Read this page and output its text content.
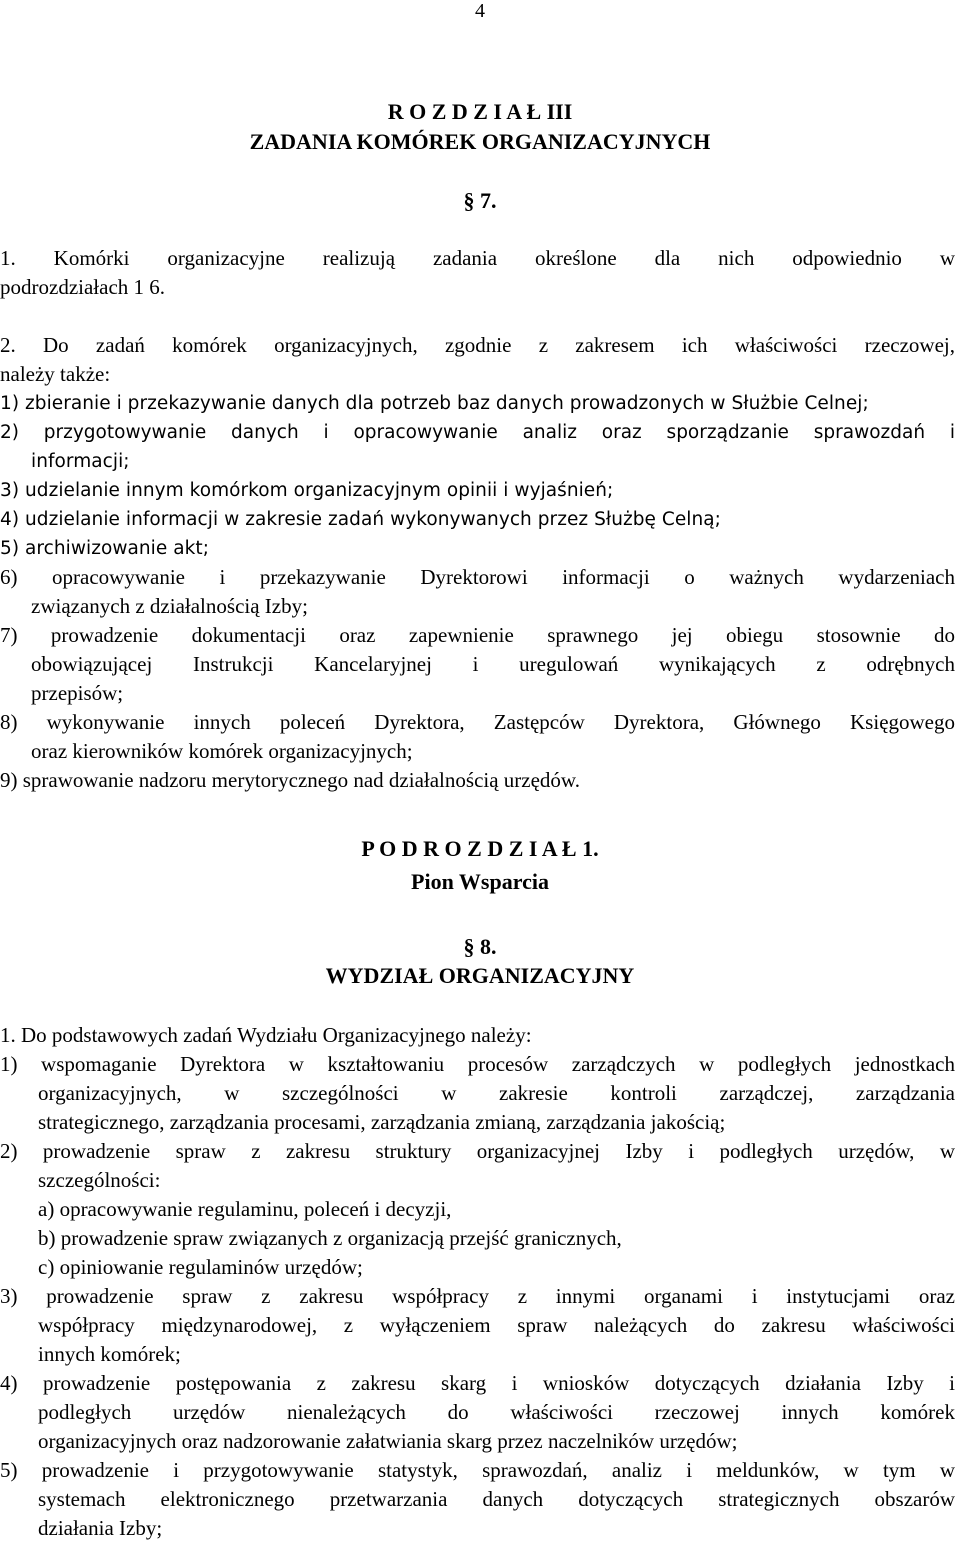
4
R O Z D Z I A Ł III
ZADANIA KOMÓREK ORGANIZACYJNYCH
§ 7.
1. Komórki organizacyjne realizują zadania określone dla nich odpowiednio w
podrozdziałach 1 6.
2. Do zadań komórek organizacyjnych, zgodnie z zakresem ich właściwości rzeczowej,
należy także:
1) zbieranie i przekazywanie danych dla potrzeb baz danych prowadzonych w Służbie Celnej;
2) przygotowywanie danych i opracowywanie analiz oraz sporządzanie sprawozdań i
informacji;
3) udzielanie innym komórkom organizacyjnym opinii i wyjaśnień;
4) udzielanie informacji w zakresie zadań wykonywanych przez Służbę Celną;
5) archiwizowanie akt;
6) opracowywanie i przekazywanie Dyrektorowi informacji o ważnych wydarzeniach
związanych z działalnością Izby;
7) prowadzenie dokumentacji oraz zapewnienie sprawnego jej obiegu stosownie do
obowiązującej Instrukcji Kancelaryjnej i uregulowań wynikających z odrębnych
przepisów;
8) wykonywanie innych poleceń Dyrektora, Zastępców Dyrektora, Głównego Księgowego
oraz kierowników komórek organizacyjnych;
9) sprawowanie nadzoru merytorycznego nad działalnością urzędów.
P O D R O Z D Z I A Ł 1.
Pion Wsparcia
§ 8.
WYDZIAŁ ORGANIZACYJNY
1. Do podstawowych zadań Wydziału Organizacyjnego należy:
1) wspomaganie Dyrektora w kształtowaniu procesów zarządczych w podległych jednostkach
organizacyjnych, w szczególności w zakresie kontroli zarządczej, zarządzania
strategicznego, zarządzania procesami, zarządzania zmianą, zarządzania jakością;
2) prowadzenie spraw z zakresu struktury organizacyjnej Izby i podległych urzędów, w
szczególności:
a) opracowywanie regulaminu, poleceń i decyzji,
b) prowadzenie spraw związanych z organizacją przejść granicznych,
c) opiniowanie regulaminów urzędów;
3) prowadzenie spraw z zakresu współpracy z innymi organami i instytucjami oraz
współpracy międzynarodowej, z wyłączeniem spraw należących do zakresu właściwości
innych komórek;
4) prowadzenie postępowania z zakresu skarg i wniosków dotyczących działania Izby i
podległych urzędów nienależących do właściwości rzeczowej innych komórek
organizacyjnych oraz nadzorowanie załatwiania skarg przez naczelników urzędów;
5) prowadzenie i przygotowywanie statystyk, sprawozdań, analiz i meldunków, w tym w
systemach elektronicznego przetwarzania danych dotyczących strategicznych obszarów
działania Izby;
